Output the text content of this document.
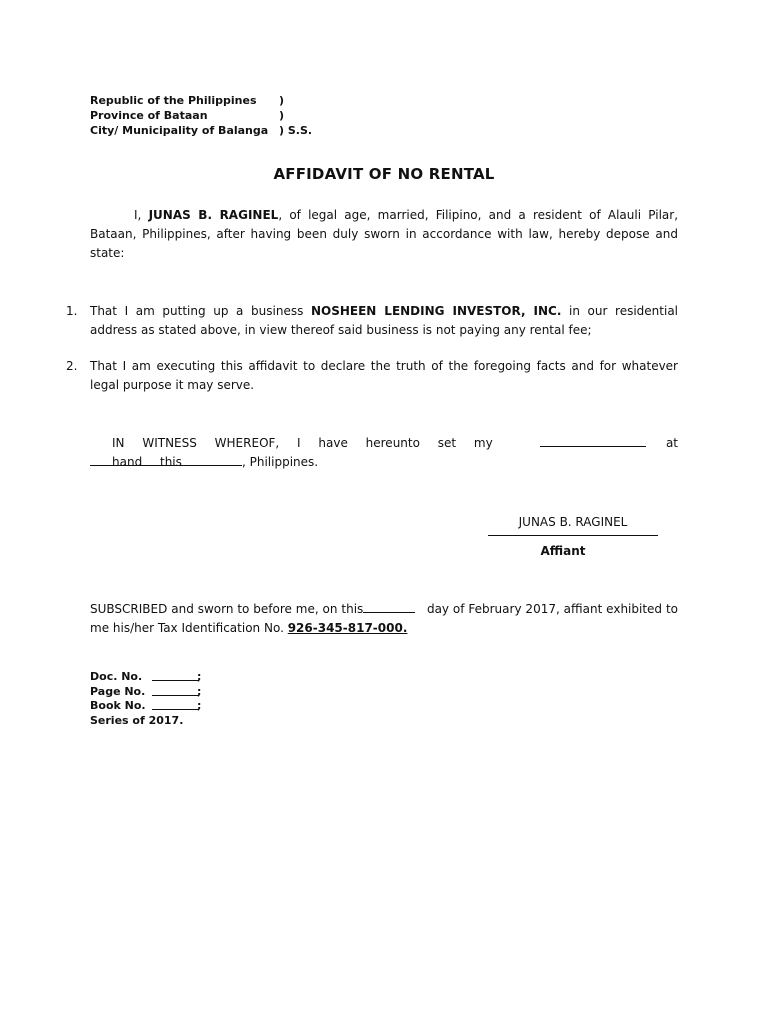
Republic of the Philippines )
Province of Bataan	)
City/ Municipality of Balanga ) S.S.
AFFIDAVIT OF NO RENTAL
I, JUNAS B. RAGINEL, of legal age, married, Filipino, and a resident of Alauli Pilar, Bataan, Philippines, after having been duly sworn in accordance with law, hereby depose and state:
1. That I am putting up a business NOSHEEN LENDING INVESTOR, INC. in our residential address as stated above, in view thereof said business is not paying any rental fee;
2. That I am executing this affidavit to declare the truth of the foregoing facts and for whatever legal purpose it may serve.
IN WITNESS WHEREOF, I have hereunto set my hand this
at
, Philippines.
JUNAS B. RAGINEL
Affiant
SUBSCRIBED and sworn to before me, on this	day of February 2017, affiant exhibited to me his/her Tax Identification No. 926-345-817-000.
Doc. No.	;
Page No.	;
Book No.	;
Series of 2017.
